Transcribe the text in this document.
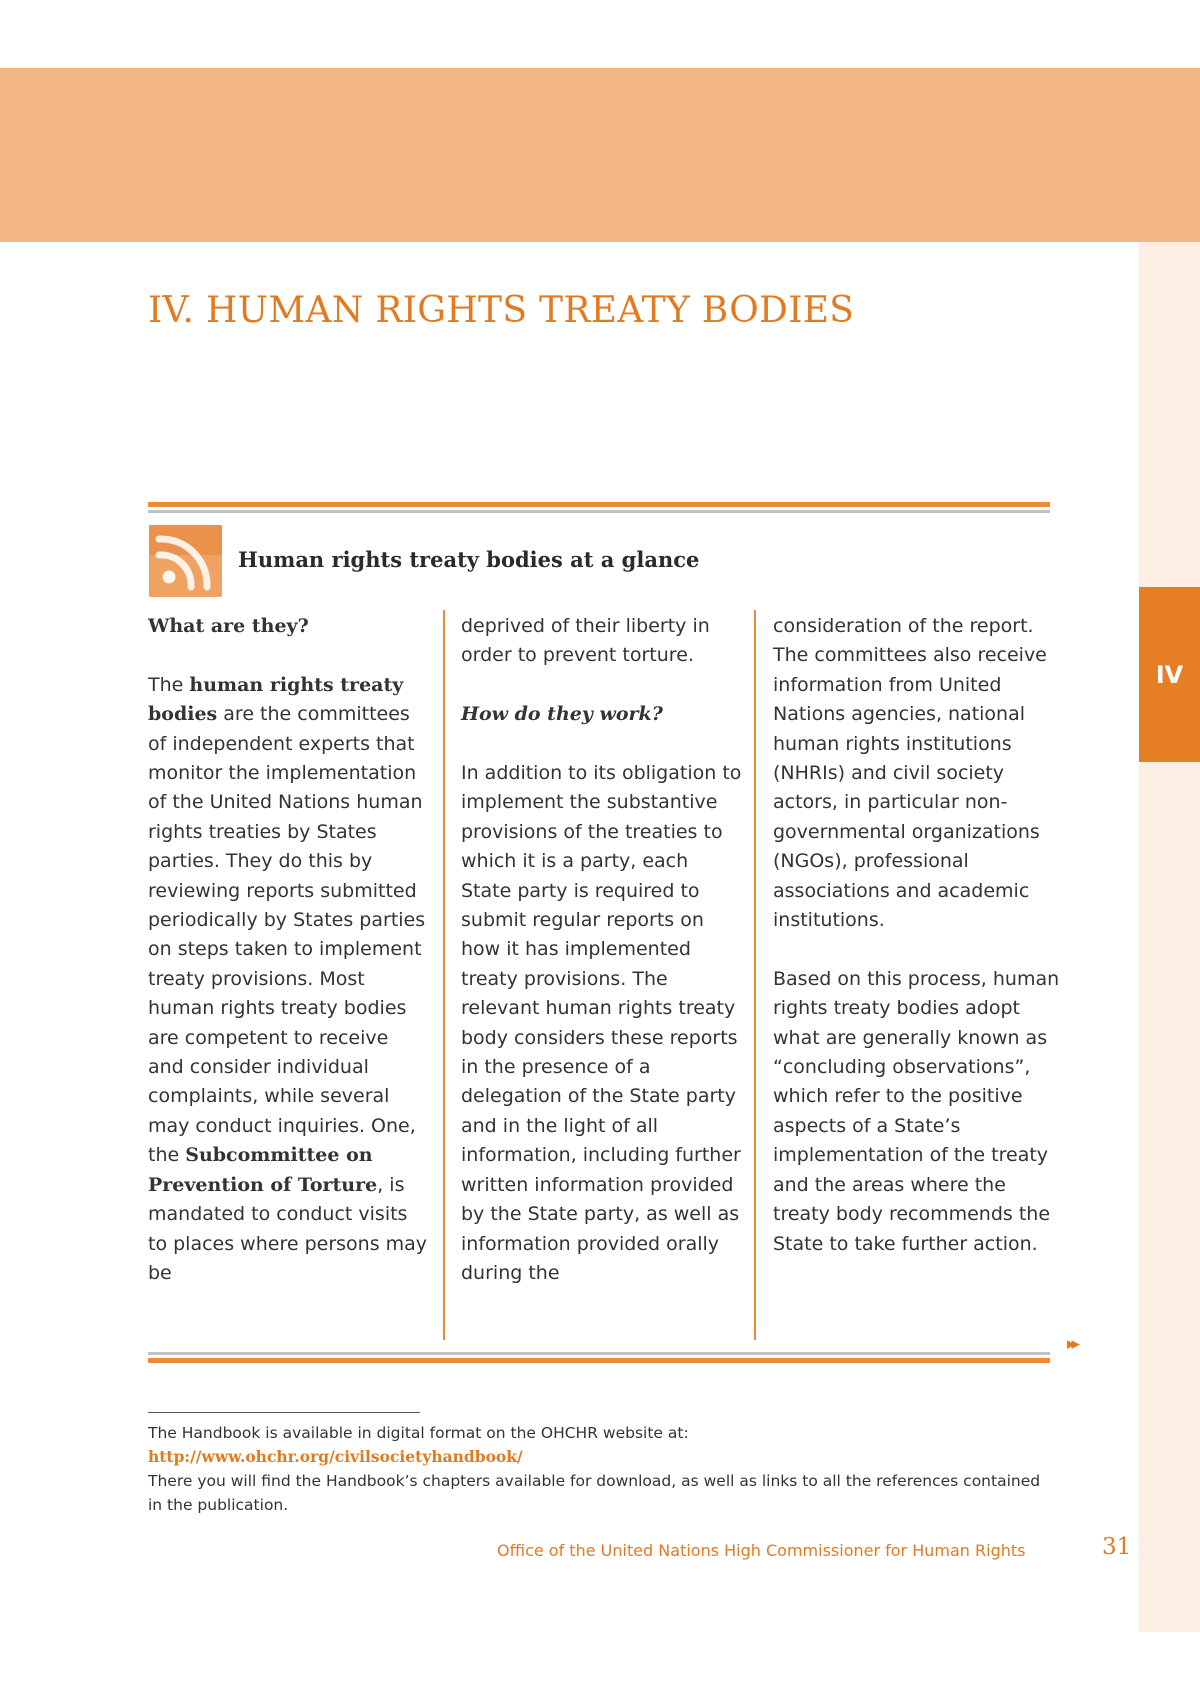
IV
IV. HUMAN RIGHTS TREATY BODIES
Human rights treaty bodies at a glance

What are they?

The human rights treaty bodies are the committees of independent experts that monitor the implementation of the United Nations human rights treaties by States parties. They do this by reviewing reports submitted periodically by States parties on steps taken to implement treaty provisions. Most human rights treaty bodies are competent to receive and consider individual complaints, while several may conduct inquiries. One, the Subcommittee on Prevention of Torture, is mandated to conduct visits to places where persons may be

deprived of their liberty in order to prevent torture.

How do they work?

In addition to its obligation to implement the substantive provisions of the treaties to which it is a party, each State party is required to submit regular reports on how it has implemented treaty provisions. The relevant human rights treaty body considers these reports in the presence of a delegation of the State party and in the light of all information, including further written information provided by the State party, as well as information provided orally during the

consideration of the report. The committees also receive information from United Nations agencies, national human rights institutions (NHRIs) and civil society actors, in particular non-governmental organizations (NGOs), professional associations and academic institutions.

Based on this process, human rights treaty bodies adopt what are generally known as “concluding observations”, which refer to the positive aspects of a State’s implementation of the treaty and the areas where the treaty body recommends the State to take further action.

▸▸
The Handbook is available in digital format on the OHCHR website at:
http://www.ohchr.org/civilsocietyhandbook/
There you will find the Handbook’s chapters available for download, as well as links to all the references contained in the publication.
Office of the United Nations High Commissioner for Human Rights	31
